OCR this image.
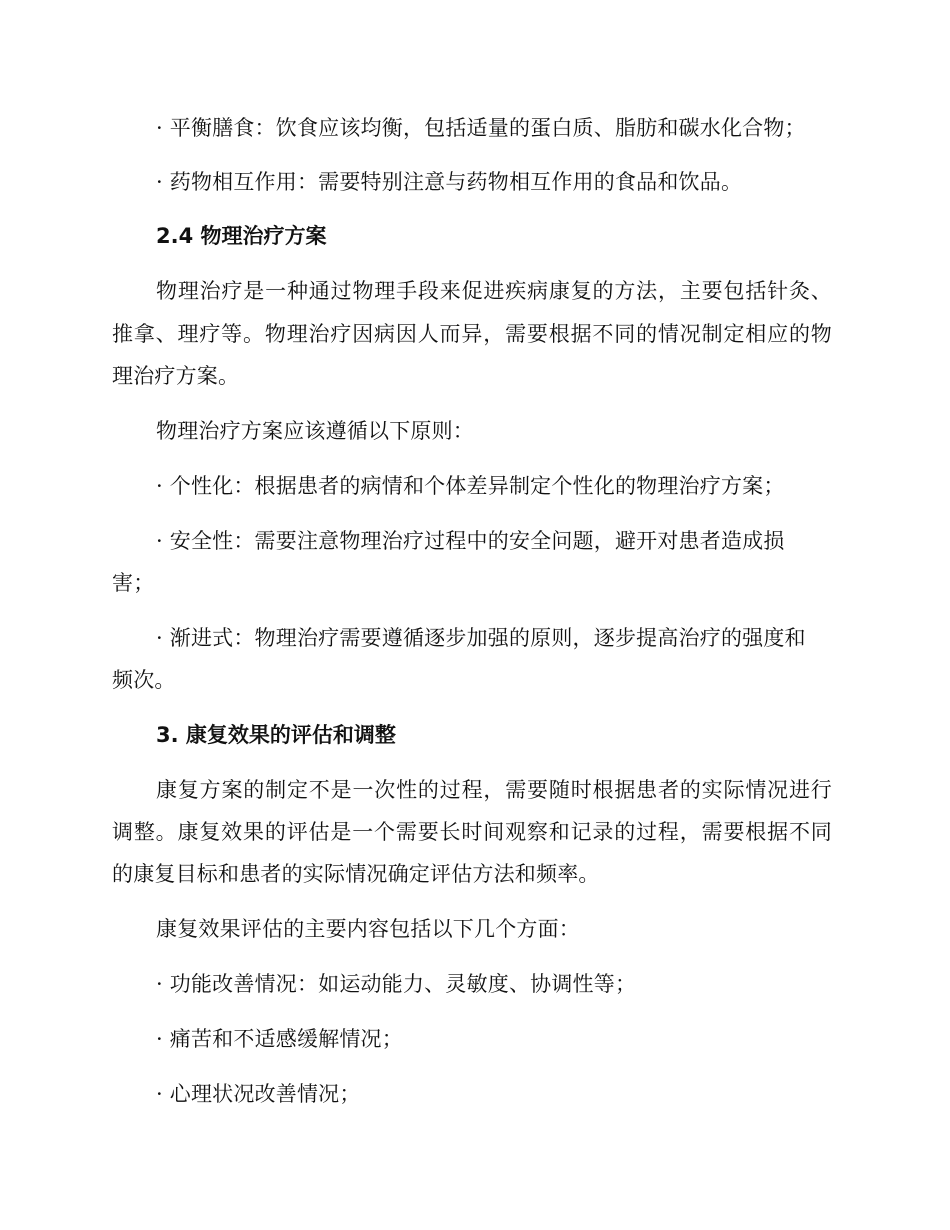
· 平衡膳食：饮食应该均衡，包括适量的蛋白质、脂肪和碳水化合物；
· 药物相互作用：需要特别注意与药物相互作用的食品和饮品。
2.4 物理治疗方案
物理治疗是一种通过物理手段来促进疾病康复的方法，主要包括针灸、
推拿、理疗等。物理治疗因病因人而异，需要根据不同的情况制定相应的物
理治疗方案。
物理治疗方案应该遵循以下原则：
· 个性化：根据患者的病情和个体差异制定个性化的物理治疗方案；
· 安全性：需要注意物理治疗过程中的安全问题，避开对患者造成损
害；
· 渐进式：物理治疗需要遵循逐步加强的原则，逐步提高治疗的强度和
频次。
3. 康复效果的评估和调整
康复方案的制定不是一次性的过程，需要随时根据患者的实际情况进行
调整。康复效果的评估是一个需要长时间观察和记录的过程，需要根据不同
的康复目标和患者的实际情况确定评估方法和频率。
康复效果评估的主要内容包括以下几个方面：
· 功能改善情况：如运动能力、灵敏度、协调性等；
· 痛苦和不适感缓解情况；
· 心理状况改善情况；
